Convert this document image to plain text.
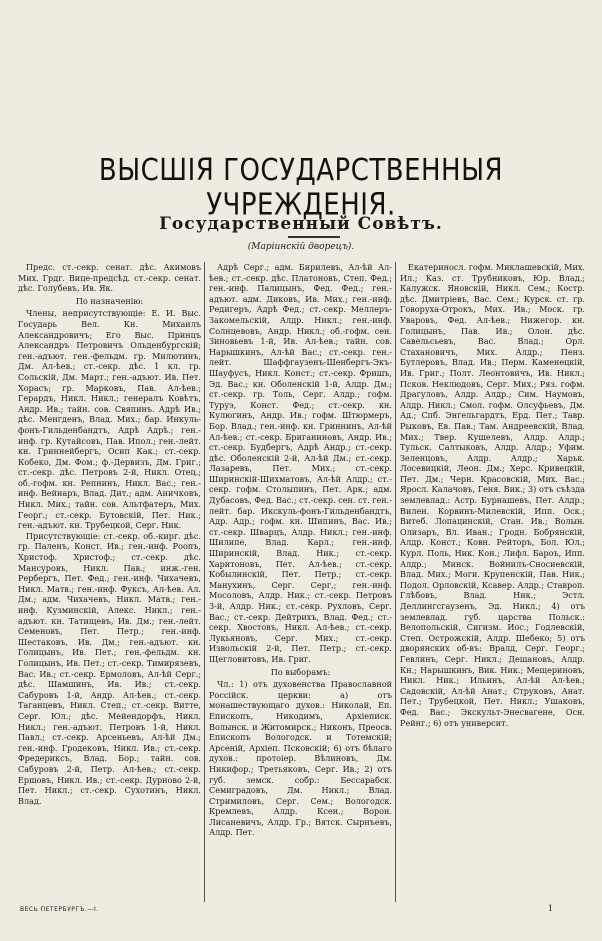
ВЫСШІЯ ГОСУДАРСТВЕННЫЯ УЧРЕЖДЕНІЯ.
Государственный Совѣтъ.
(Маріинскій дворецъ).

Предс. ст.-секр. сенат. дѣс. Акимовъ Мих. Грдг. Вице-предсѣд. ст.-секр. сенат. дѣс. Голубевъ, Ив. Як.

По назначенію:

Члены, неприсутствующіе: Е. И. Выс. Государь Вел. Кн. Михаилъ Александровичъ; Его Выс. Принцъ Александръ Петровичъ Ольденбургскій; ген.-адъют. ген.-фельдм. гр. Милютинъ, Дм. Ал-ѣев.; ст.-секр. дѣс. 1 кл. гр. Сольскій, Дм. Март.; ген.-адъют. Ив. Пет. Хорасъ; гр. Марковъ, Пав. Ал-ѣев.; Герардъ, Никл. Никл.; генералъ Ковѣтъ, Андр. Ив.; тайн. сов. Свяпинъ. Адрѣ Ив.; дѣс. Менгденъ, Влад. Мих.; бар. Инкуль-фонъ-Гильденбандтъ, Адрѣ Адрѣ.; ген.-инф. гр. Кутайсовъ, Пав. Ипол.; ген.-лейт. кн. Гриннейбергъ, Осип Как.; ст.-секр. Кобеко, Дм. Фом.; ф.-Дервизъ, Дм. Григ.; ст.-секр. дѣс. Петровъ 2-й, Никл. Отец.; об.-гофм. кн. Репнинъ, Никл. Вас.; ген.-инф. Вейнаръ, Влад. Дит.; адм. Аничковъ, Никл. Мих.; тайн. сов. Альтфатеръ, Мих. Георг.; ст.-секр. Бутовскій, Пет. Ник.; ген.-адъют. кн. Трубецкой, Серг. Ник.

Присутствующіе: ст.-секр. об.-кирг. дѣс. гр. Паленъ, Конст. Ив.; ген.-инф. Роопъ, Христоф. Христоф.; ст.-секр. дѣс. Мансуровъ, Никл. Пав.; инж.-ген. Рербергъ, Пет. Фед.; ген.-инф. Чихачевъ, Никл. Матв.; ген.-инф. Фуксъ, Ал-ѣев. Ал. Дм.; адм. Чихачевъ, Никл. Матв.; ген.-инф. Кузминскій, Алекс. Никл.; ген.-адъют. кн. Татищевъ, Ив. Дм.; ген.-лейт. Семеновъ, Пет. Петр.; ген.-инф. Шестаковъ, Ив. Дм.; ген.-адъют. кн. Голицынъ, Ив. Пет.; ген.-фельдм. кн. Голицынъ, Ив. Пет.; ст.-секр. Тимирязевъ, Вас. Ив.; ст.-секр. Ермоловъ, Ал-ѣй Серг.; дѣс. Шамшинъ, Ив. Ив.; ст.-секр. Сабуровъ 1-й, Андр. Ал-ѣев.; ст.-секр. Таганцевъ, Никл. Степ.; ст.-секр. Витте, Серг. Юл.; дѣс. Мейендорфъ, Никл. Никл.; ген.-адъют. Петровъ 1-й, Никл. Павл.; ст.-секр. Арсеньевъ, Ал-ѣй Дм.; ген.-инф. Гродековъ, Никл. Ив.; ст.-секр. Фредериксъ, Влад. Бор.; тайн. сов. Сабуровъ 2-й, Петр. Ал-ѣев.; ст.-секр. Ершовъ, Никл. Ив.; ст.-секр. Дурново 2-й, Пет. Никл.; ст.-секр. Сухотинъ, Никл. Влад.

Адрѣ Серг.; адм. Бирилевъ, Ал-ѣй Ал-ѣев.; ст.-секр. дѣс. Платоновъ, Степ. Фед.; ген.-инф. Палицынъ, Фед. Фед.; ген.-адъют. адм. Диковъ, Ив. Мих.; ген.-инф. Редигеръ, Адрѣ Фед.; ст.-секр. Меллеръ-Закомельскій, Алдр. Никл.; ген.-инф. Солнцевовъ, Андр. Никл.; об.-гофм. сен. Зиновьевъ 1-й, Ив. Ал-ѣев.; тайн. сов. Нарышкинъ, Ал-ѣй Вас.; ст.-секр. ген.-лейт. Шаффгаузенъ-Шенбергъ-Экъ-Шауфусъ, Никл. Конст.; ст.-секр. Фришъ, Эд. Вас.; кн. Оболенскій 1-й, Алдр. Дм.; ст.-секр. гр. Толь, Серг. Алдр.; гофм. Туруэ, Конст. Фед.; ст.-секр. кн. Кулюгинъ, Андр. Ив.; гофм. Штюрмеръ, Бор. Влад.; ген.-инф. кн. Гриннинъ, Ал-ѣй Ал-ѣев.; ст.-секр. Бриганиновъ, Андр. Ив.; ст.-секр. Будбергъ, Адрѣ Андр.; ст.-секр. дѣс. Оболенскій 2-й, Ал-ѣй Дм.; ст.-секр. Лазаревъ, Пет. Мих.; ст.-секр. Ширинскій-Шихматовъ, Ал-ѣй Алдр.; ст.-секр. гофм. Столыпинъ, Пет. Арк.; адм. Дубасовъ, Фед. Вас.; ст.-секр. сен. ст. ген.-лейт. бар. Икскуль-фонъ-Гильденбандтъ, Адр. Адр.; гофм. кн. Шипинъ, Вас. Ив.; ст.-секр. Шварцъ, Алдр. Никл.; ген.-инф. Шилипе, Влад. Карл.; ген.-инф. Ширинскій, Влад. Ник.; ст.-секр. Харитоновъ, Пет. Ал-ѣев.; ст.-секр. Кобылинскій, Пет. Петр.; ст.-секр. Манухинъ, Серг. Серг.; ген.-инф. Мосоловъ, Алдр. Ник.; ст.-секр. Петровъ 3-й, Алдр. Ник.; ст.-секр. Рухловъ, Серг. Вас.; ст.-секр. Дейтрихъ, Влад. Фед.; ст.-секр. Хвостовъ, Никл. Ал-ѣев.; ст.-секр. Лукьяновъ, Серг. Мих.; ст.-секр. Извольскій 2-й, Пет. Петр.; ст.-секр. Щегловитовъ, Ив. Григ.

По выборамъ:

Чл.: 1) отъ духовенства Православной Россійск. церкви: а) отъ монашествующаго духов.: Николай, Еп. Епископъ, Никодимъ, Архіеписк. Волынск. и Житомирск.; Никонъ, Преосв. Епископъ Вологодск. и Тотемскій; Арсеній, Архіеп. Псковскій; 6) отъ бѣлаго духов.: протоіер. Вѣлиновъ, Дм. Никифор.; Третьяковъ, Серг. Ив.; 2) отъ губ. земск. собр.: Бессарабск. Семиградовъ, Дм. Никл.; Влад. Стримиловъ, Серг. Сем.; Вологодск. Кремлевъ, Алдр. Ксен.; Ворон. Лисаневичъ, Алдр. Гр.; Вятск. Сырнъевъ, Алдр. Пет.

Екатериносл. гофм. Миклашевскій, Мих. Ил.; Каз. ст. Трубниковъ, Юр. Влад.; Калужск. Яновскій, Никл. Сем.; Костр. дѣс. Дмитріевъ, Вас. Сем.; Курск. ст. гр. Говоруха-Отрокъ, Мих. Ив.; Моск. гр. Уваровъ, Фед. Ал-ѣев.; Нижегор. кн. Голицынъ, Пав. Ив.; Олон. дѣс. Савельсьевъ, Вас. Влад.; Орл. Стахановичъ, Мих. Алдр.; Пенз. Бутлеровъ, Влад. Ив.; Перм. Каменецкій, Ив. Григ.; Полт. Леонтовичъ, Ив. Никл.; Псков. Неклюдовъ, Серг. Мих.; Ряз. гофм. Драгуловъ, Алдр. Алдр.; Сим. Наумовъ, Алдр. Никл.; Смол. гофм. Олсуфьевъ, Дм. Ад.; Спб. Энгельгардтъ, Ерд. Пет.; Тавр. Рыковъ, Ев. Пав.; Там. Андреевскій, Влад. Мих.; Твер. Кушелевъ, Алдр. Алдр.; Тульск. Салтыковъ, Алдр. Алдр.; Уфим. Зеленцовъ, Алдр. Алдр.; Харьк. Лосевицкій, Леон. Дм.; Херс. Кривецкій, Пет. Дм.; Черн. Красовскій, Мих. Вас.; Яросл. Калачовъ, Геня. Вик.; 3) отъ съѣзда землевлад.: Астр. Бурнашевъ, Пет. Алдр.; Вилен. Корвинъ-Милевскій, Ипп. Оск.; Витеб. Лопацинскій, Стан. Ив.; Волын. Олизаръ, Вл. Иван.; Гродн. Бобрянскій, Алдр. Конст.; Ковн. Рейторъ, Бол. Юл.; Курл. Поль, Ник. Кон.; Лифл. Бароъ, Ипп. Алдр.; Минск. Войнилъ-Сносиевскій, Влад. Мих.; Моги. Крупенскій, Пав. Ник.; Подол. Орловскій, Ксавер. Алдр.; Ставроп. Глѣбовъ, Влад. Ник.; Эстл. Деллингсгаузенъ, Эд. Никл.; 4) отъ землевлад. губ. царства Польск.: Велопольскій, Сигизм. Иос.; Годлевскій, Степ. Острожскій, Алдр. Шебеко; 5) отъ дворянских об-въ: Вралд, Серг. Георг.; Гевлинъ, Серг. Никл.; Дешановъ, Алдр. Кн.; Нарышкинъ, Вик. Ник.; Мещериновъ, Никл. Ник.; Ильинъ, Ал-ѣй Ал-ѣев.; Садовскій, Ал-ѣй Анат.; Струковъ, Анат. Пет.; Трубецкой, Пет. Никл.; Ушаковъ, Фед. Вас.; Экскульт-Энесвагене, Осн. Рейнг.; 6) отъ университ.

ВЕСЬ ПЕТЕРБУРГЪ.—I.	1
